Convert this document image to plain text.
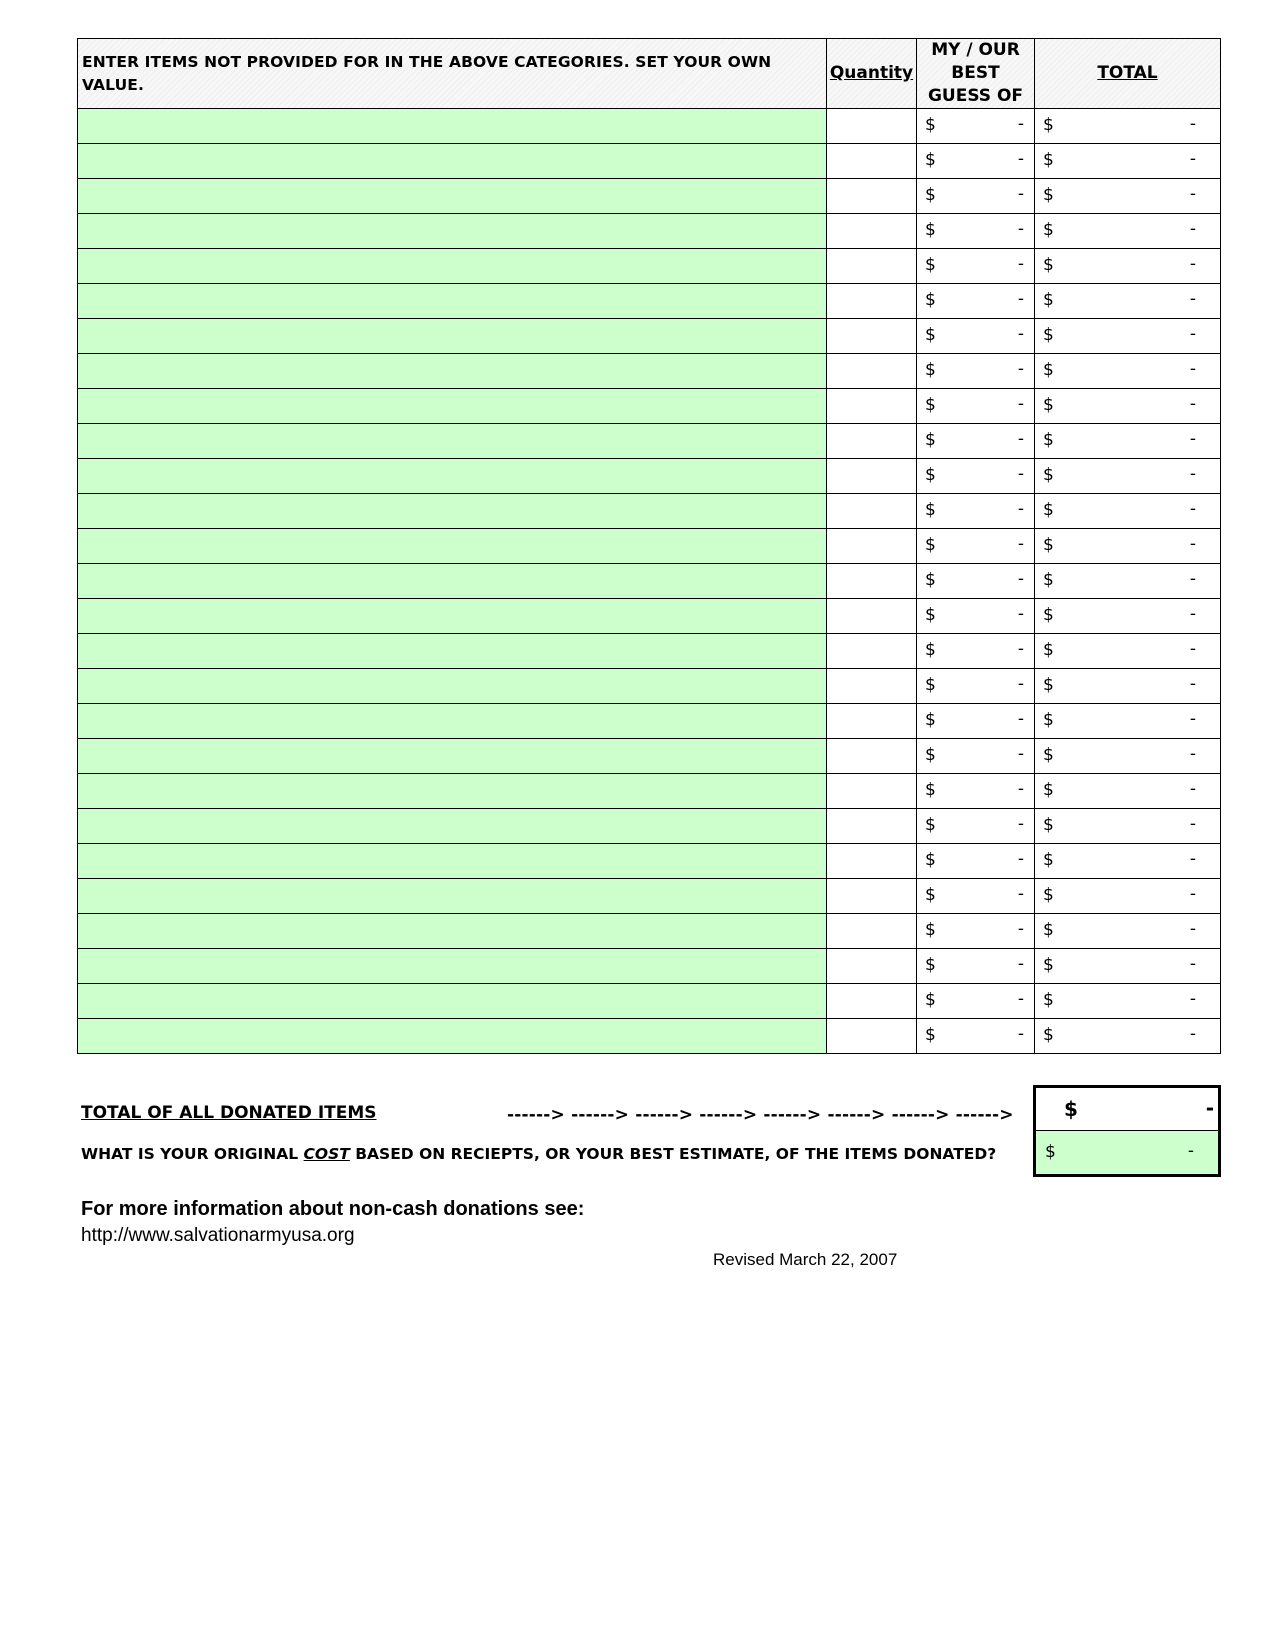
ENTER ITEMS NOT PROVIDED FOR IN THE ABOVE CATEGORIES. SET YOUR OWN VALUE.	Quantity	MY / OUR BEST GUESS OF	TOTAL

		$ -	$ -

		$ -	$ -

		$ -	$ -

		$ -	$ -

		$ -	$ -

		$ -	$ -

		$ -	$ -

		$ -	$ -

		$ -	$ -

		$ -	$ -

		$ -	$ -

		$ -	$ -

		$ -	$ -

		$ -	$ -

		$ -	$ -

		$ -	$ -

		$ -	$ -

		$ -	$ -

		$ -	$ -

		$ -	$ -

		$ -	$ -

		$ -	$ -

		$ -	$ -

		$ -	$ -

		$ -	$ -

		$ -	$ -

		$ -	$ -
TOTAL OF ALL DONATED ITEMS	------> ------> ------> ------> ------> ------> ------> ------>	$	-
WHAT IS YOUR ORIGINAL COST BASED ON RECIEPTS, OR YOUR BEST ESTIMATE, OF THE ITEMS DONATED?	$	-
For more information about non-cash donations see:
http://www.salvationarmyusa.org
Revised March 22, 2007
